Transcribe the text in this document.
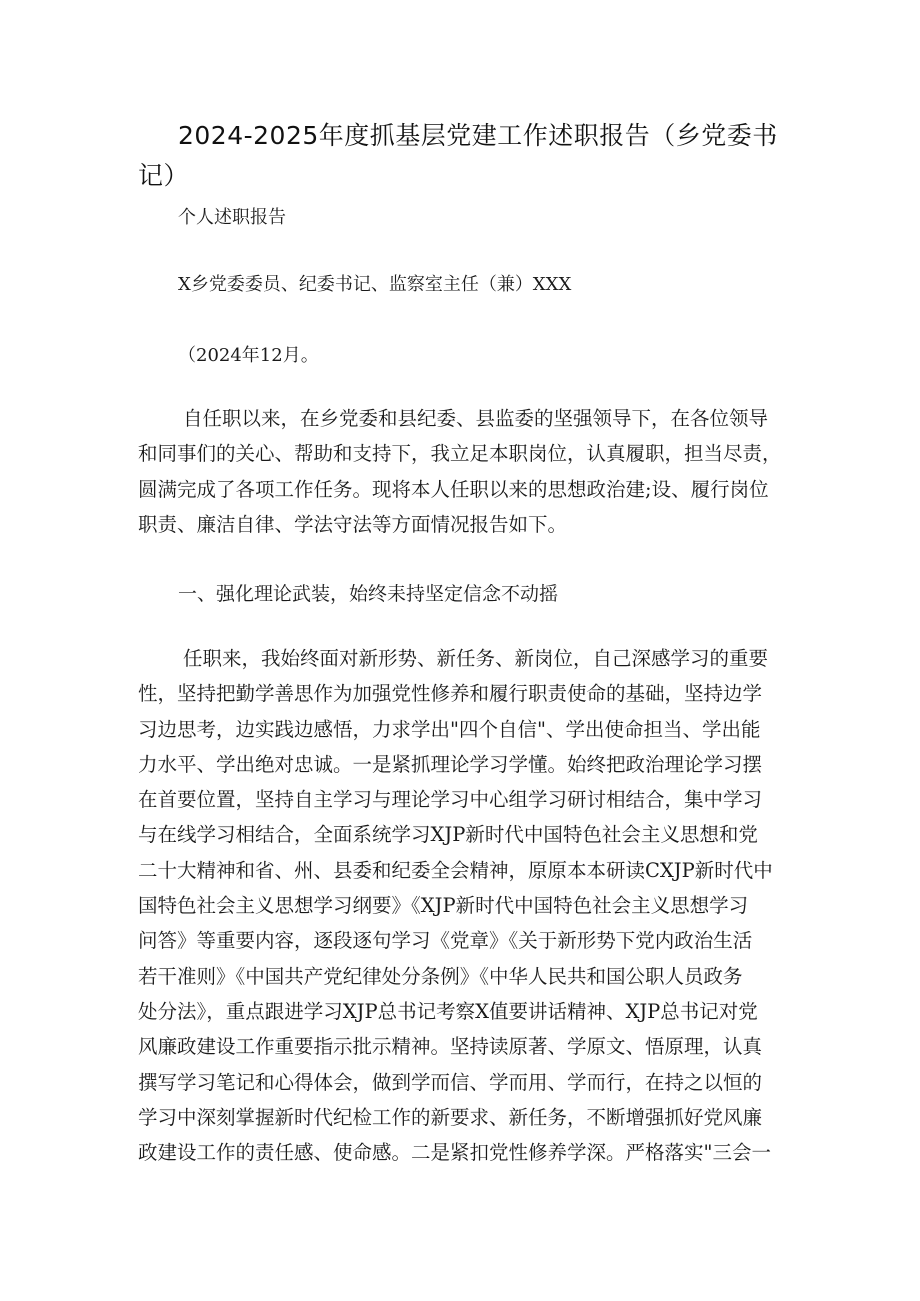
2024-2025年度抓基层党建工作述职报告（乡党委书
记）
个人述职报告
X乡党委委员、纪委书记、监察室主任（兼）XXX
（2024年12月。
自任职以来，在乡党委和县纪委、县监委的坚强领导下，在各位领导
和同事们的关心、帮助和支持下，我立足本职岗位，认真履职，担当尽责，
圆满完成了各项工作任务。现将本人任职以来的思想政治建;设、履行岗位
职责、廉洁自律、学法守法等方面情况报告如下。
一、强化理论武装，始终耒持坚定信念不动摇
任职来，我始终面对新形势、新任务、新岗位，自己深感学习的重要
性，坚持把勤学善思作为加强党性修养和履行职责使命的基础，坚持边学
习边思考，边实践边感悟，力求学出"四个自信"、学出使命担当、学出能
力水平、学出绝对忠诚。一是紧抓理论学习学懂。始终把政治理论学习摆
在首要位置，坚持自主学习与理论学习中心组学习研讨相结合，集中学习
与在线学习相结合，全面系统学习XJP新时代中国特色社会主义思想和党
二十大精神和省、州、县委和纪委全会精神，原原本本研读CXJP新时代中
国特色社会主义思想学习纲要》《XJP新时代中国特色社会主义思想学习
问答》等重要内容，逐段逐句学习《党章》《关于新形势下党内政治生活
若干准则》《中国共产党纪律处分条例》《中华人民共和国公职人员政务
处分法》，重点跟进学习XJP总书记考察X值要讲话精神、XJP总书记对党
风廉政建设工作重要指示批示精神。坚持读原著、学原文、悟原理，认真
撰写学习笔记和心得体会，做到学而信、学而用、学而行，在持之以恒的
学习中深刻掌握新时代纪检工作的新要求、新任务，不断增强抓好党风廉
政建设工作的责任感、使命感。二是紧扣党性修养学深。严格落实"三会一
